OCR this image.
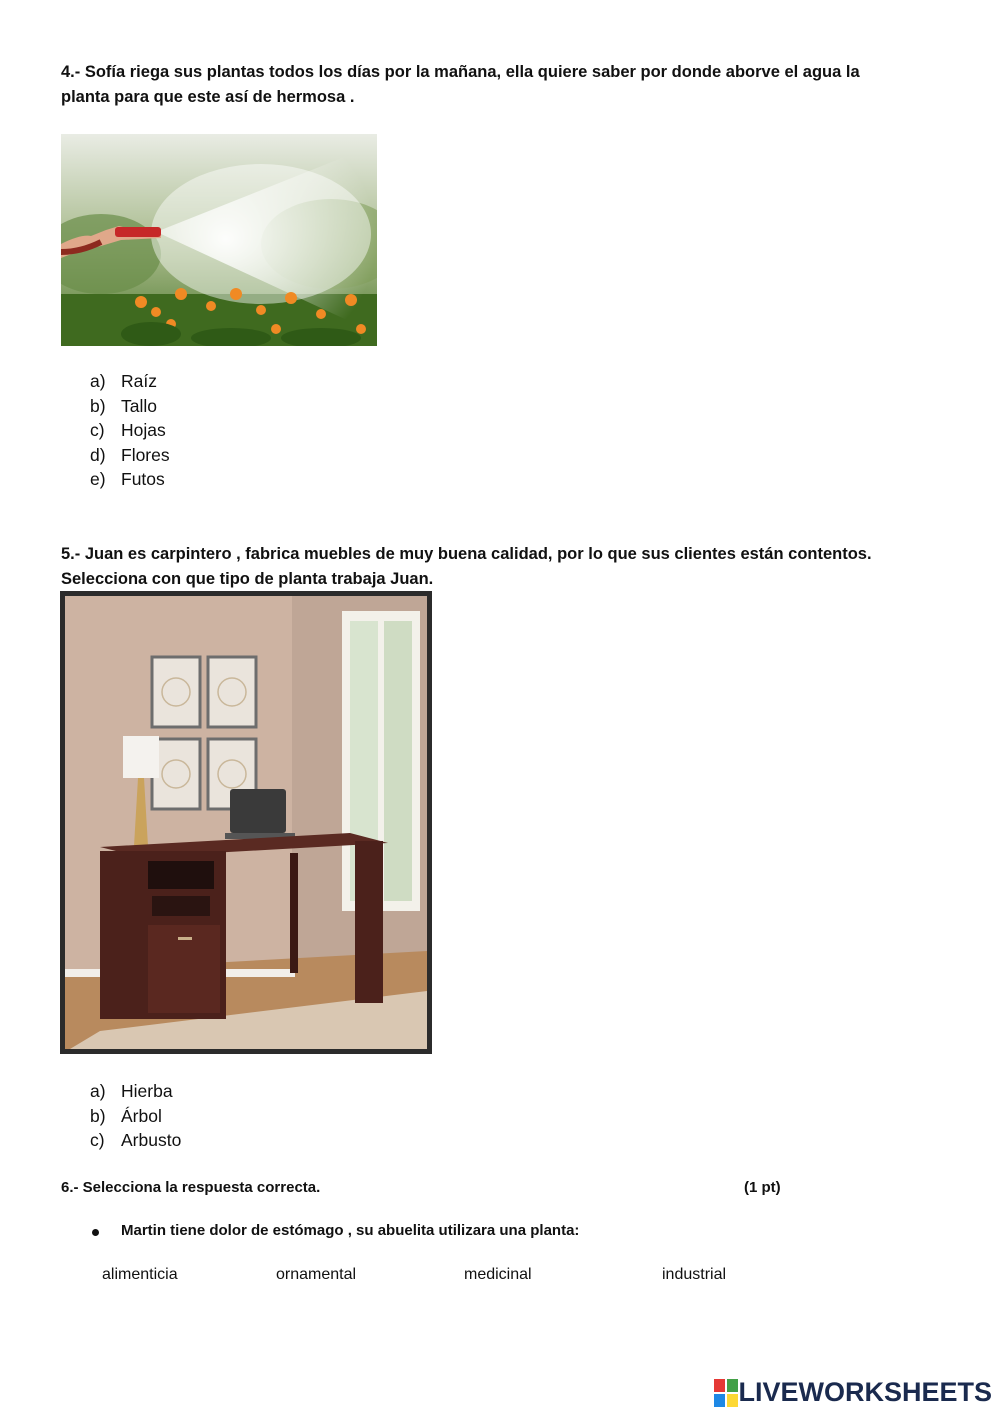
4.- Sofía riega sus plantas todos los días por la mañana, ella quiere saber por donde aborve el agua la
planta para que este así de hermosa .
a) Raíz
b) Tallo
c) Hojas
d) Flores
e) Futos
5.- Juan es carpintero , fabrica muebles de muy buena calidad, por lo que sus clientes están contentos.
Selecciona con que tipo de planta trabaja Juan.
a) Hierba
b) Árbol
c) Arbusto
6.- Selecciona la respuesta correcta.	(1 pt)
Martin tiene dolor de estómago , su abuelita utilizara una planta:
alimenticia	ornamental	medicinal	industrial
LIVEWORKSHEETS
